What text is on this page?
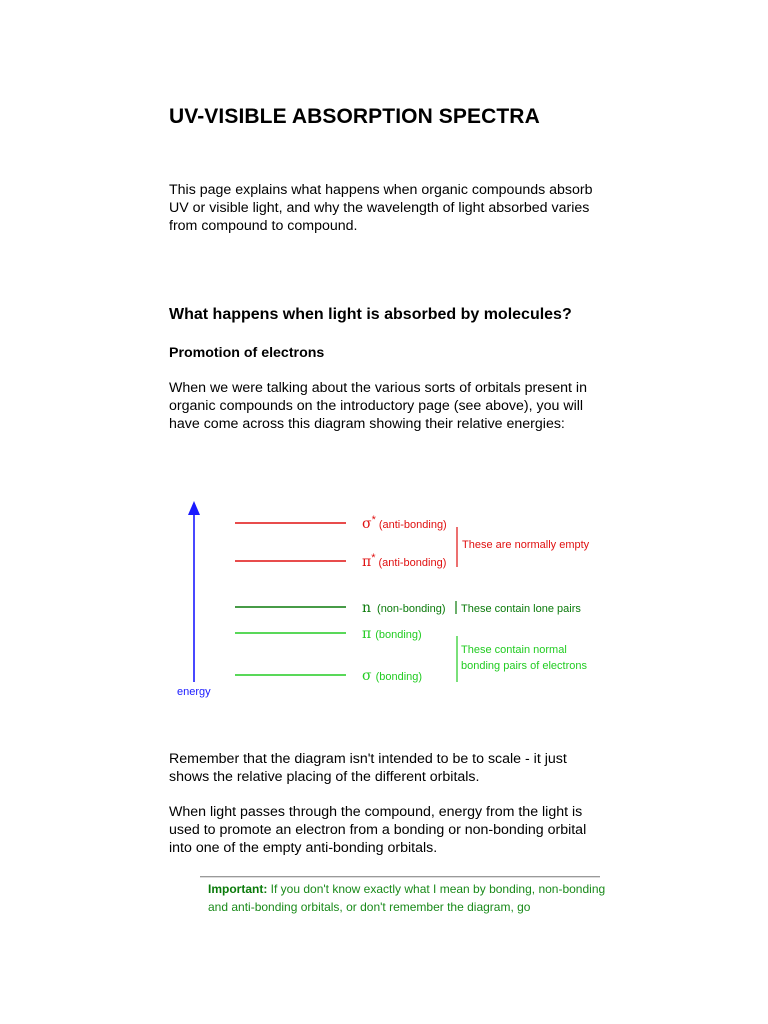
UV-VISIBLE ABSORPTION SPECTRA

This page explains what happens when organic compounds absorb UV or visible light, and why the wavelength of light absorbed varies from compound to compound.

What happens when light is absorbed by molecules?
Promotion of electrons

When we were talking about the various sorts of orbitals present in organic compounds on the introductory page (see above), you will have come across this diagram showing their relative energies:

energy
σ* $_{(anti-bonding)}$
π* $_{(anti-bonding)}$
n (non-bonding)
π (bonding)
σ (bonding)
These are normally empty
These contain lone pairs
These contain normal
bonding pairs of electrons

Remember that the diagram isn't intended to be to scale - it just shows the relative placing of the different orbitals.

When light passes through the compound, energy from the light is used to promote an electron from a bonding or non-bonding orbital into one of the empty anti-bonding orbitals.

Important: If you don't know exactly what I mean by bonding, non-bonding and anti-bonding orbitals, or don't remember the diagram, go
